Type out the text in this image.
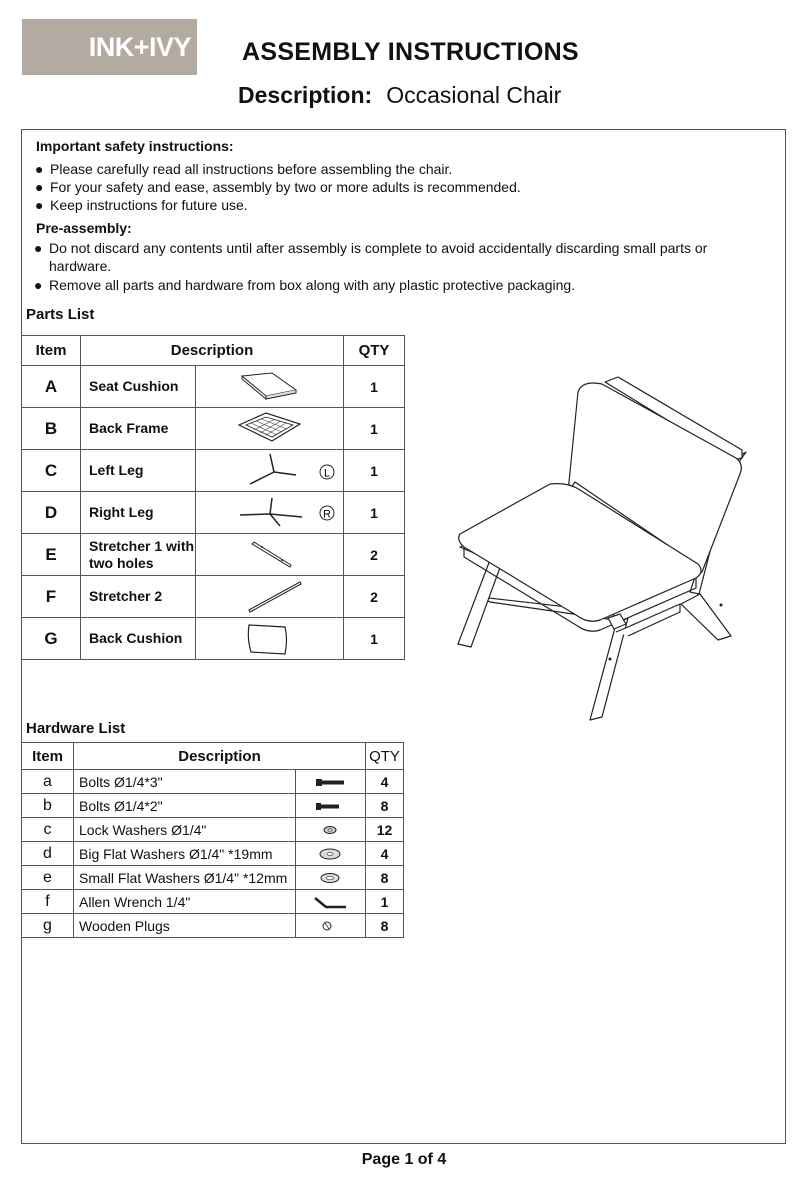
INK+IVY ASSEMBLY INSTRUCTIONS
Description: Occasional Chair
Important safety instructions:
● Please carefully read all instructions before assembling the chair.
● For your safety and ease, assembly by two or more adults is recommended.
● Keep instructions for future use.
Pre-assembly:
● Do not discard any contents until after assembly is complete to avoid accidentally discarding small parts or hardware.
● Remove all parts and hardware from box along with any plastic protective packaging.
Parts List
Item	Description		QTY
A	Seat Cushion		1
B	Back Frame		1
C	Left Leg	L	1
D	Right Leg	R	1
E	Stretcher 1 with two holes		2
F	Stretcher 2		2
G	Back Cushion		1
Hardware List
Item	Description		QTY
a	Bolts Ø1/4*3"		4
b	Bolts Ø1/4*2"		8
c	Lock Washers Ø1/4"		12
d	Big Flat Washers Ø1/4" *19mm		4
e	Small Flat Washers Ø1/4" *12mm		8
f	Allen Wrench 1/4"		1
g	Wooden Plugs		8
Page 1 of 4
